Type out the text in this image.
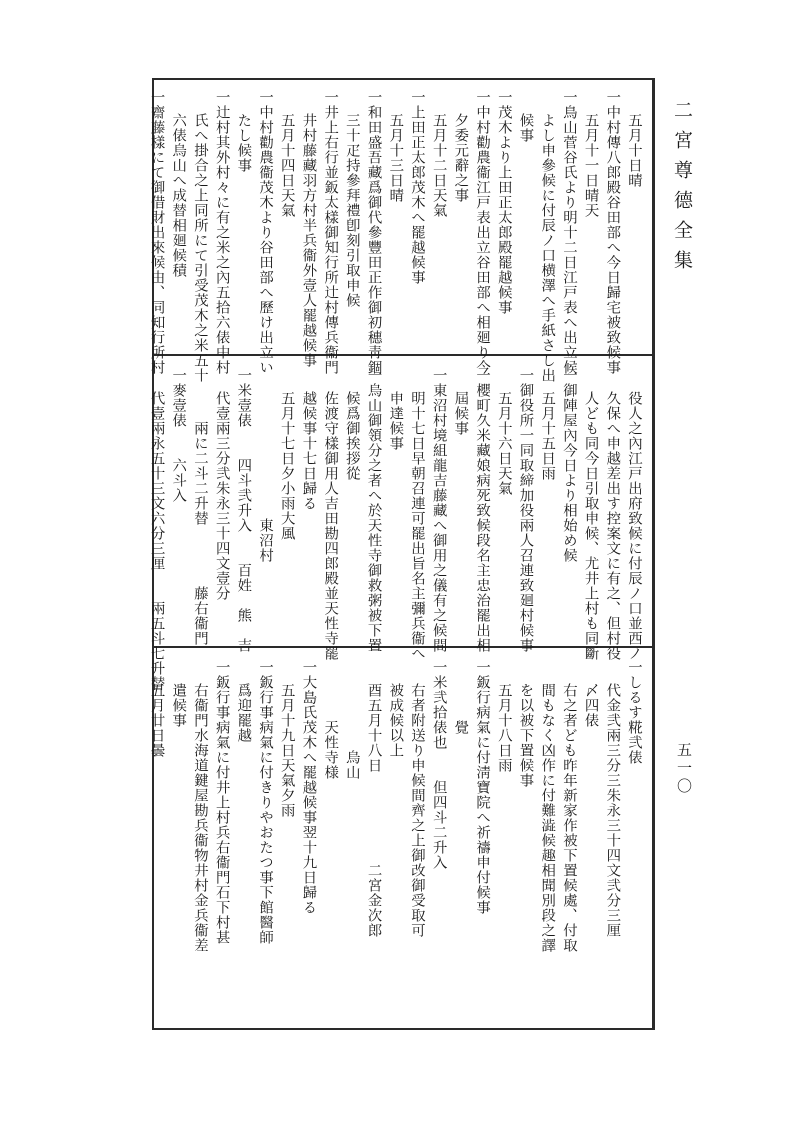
二宮尊德全集
五一〇
五月十日晴
一中村傳八郎殿谷田部へ今日歸宅被致候事
五月十一日晴天
一鳥山菅谷氏より明十二日江戸表へ出立候
よし申參候に付辰ノ口横澤へ手紙さし出
候事
一茂木より上田正太郎殿罷越候事
一中村勸農衞江戸表出立谷田部へ相廻り今
夕委元辭之事
五月十二日天氣
一上田正太郎茂木へ罷越候事
五月十三日晴
一和田盛吾藏爲御代參豐田正作御初穗靑錮
三十疋持參拜禮卽刻引取申候
一井上右行並鈑太樣御知行所辻村傳兵衞門
井村藤藏羽方村半兵衞外壹人罷越候事
五月十四日天氣
一中村勸農衞茂木より谷田部へ歷け出立い
たし候事
一辻村其外村々に有之米之內五拾六俵中村
氏へ掛合之上同所にて引受茂木之米五十
六俵烏山へ成替相廻候積
一齋藤樣にて御借財出來候由、同知行所村
役人之內江戸出府致候に付辰ノ口並西ノ
久保へ申越差出す控案文に有之、但村役
人ども同今日引取申候、尤井上村も同斷
一御陣屋內今日より相始め候
五月十五日雨
一御役所一同取締加役兩人召連致廻村候事
五月十六日天氣
一櫻町久米藏娘病死致候段名主忠治罷出相
屆候事
一東沼村境組龍吉藤藏へ御用之儀有之候間
明十七日早朝召連可罷出旨名主彌兵衞へ
申達候事
一烏山御領分之者へ於天性寺御救粥被下置
候爲御挨拶從
佐渡守樣御用人吉田勘四郎殿並天性寺罷
越候事十七日歸る
五月十七日夕小雨大風
　　　　　　　　　　東沼村
一米壹俵　　四斗弐升入　　百姓　熊　吉
代壹兩三分弐朱永三十四文壹分
　　兩に二斗二升替　　　　藤右衞門
一麥壹俵　　六斗入
代壹兩永五十三文六分三厘　　兩五斗七升替
一しるす糀弐俵
代金弐兩三分三朱永三十四文弐分三厘
〆四俵
右之者ども昨年新家作被下置候處、付取
間もなく凶作に付難澁候趣相聞別段之譯
を以被下置候事
五月十八日雨
一鈑行病氣に付淸寶院へ祈禱申付候事
　　　　覺
一米弐拾俵也　　但四斗二升入
右者附送り申候間齊之上御改御受取可
被成候以上
酉五月十八日　　　　　　二宮金次郎
　　　　　　烏山
　　　　天性寺様
一大島氏茂木へ罷越候事翌十九日歸る
五月十九日天氣夕雨
一鈑行事病氣に付きりやおたつ事下館醫師
爲迎罷越
一鈑行事病氣に付井上村兵右衞門石下村甚
右衞門水海道鍵屋勘兵衞物井村金兵衞差
遣候事
五月廿日曇
